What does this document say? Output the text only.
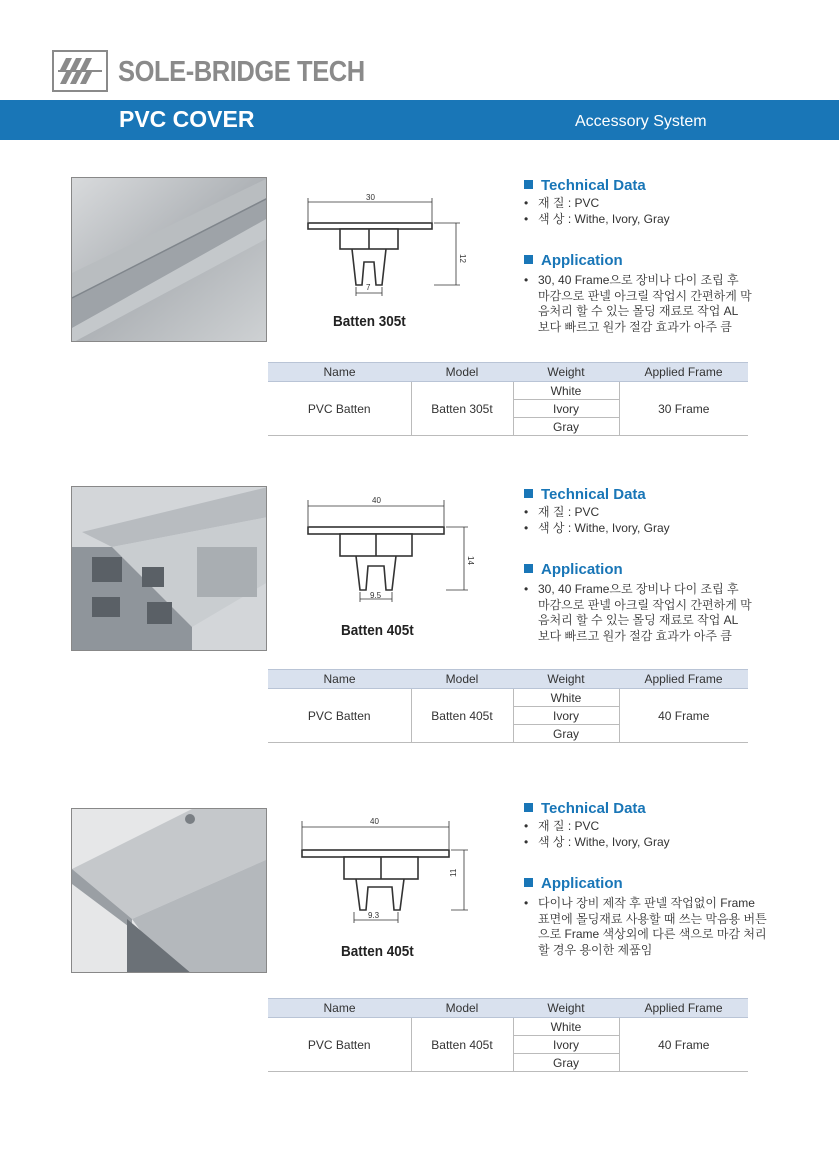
SOLE-BRIDGE TECH
PVC COVER	Accessory System
30
12
7
Batten 305t
Technical Data
• 재 질 : PVC
• 색 상 : Withe, Ivory, Gray
Application
• 30, 40 Frame으로 장비나 다이 조립 후
마감으로 판넬 아크릴 작업시 간편하게 막
음처리 할 수 있는 몰딩 재료로 작업 AL
보다 빠르고 원가 절감 효과가 아주 큼
Name	Model	Weight	Applied Frame
PVC Batten	Batten 305t	White	30 Frame
		Ivory	
		Gray	
40
14
9.5
Batten 405t
Technical Data
• 재 질 : PVC
• 색 상 : Withe, Ivory, Gray
Application
• 30, 40 Frame으로 장비나 다이 조립 후
마감으로 판넬 아크릴 작업시 간편하게 막
음처리 할 수 있는 몰딩 재료로 작업 AL
보다 빠르고 원가 절감 효과가 아주 큼
Name	Model	Weight	Applied Frame
PVC Batten	Batten 405t	White	40 Frame
		Ivory	
		Gray	
40
11
9.3
Batten 405t
Technical Data
• 재 질 : PVC
• 색 상 : Withe, Ivory, Gray
Application
• 다이나 장비 제작 후 판넬 작업없이 Frame
표면에 몰딩재료 사용할 때 쓰는 막음용 버튼
으로 Frame 색상외에 다른 색으로 마감 처리
할 경우 용이한 제품임
Name	Model	Weight	Applied Frame
PVC Batten	Batten 405t	White	40 Frame
		Ivory	
		Gray	
